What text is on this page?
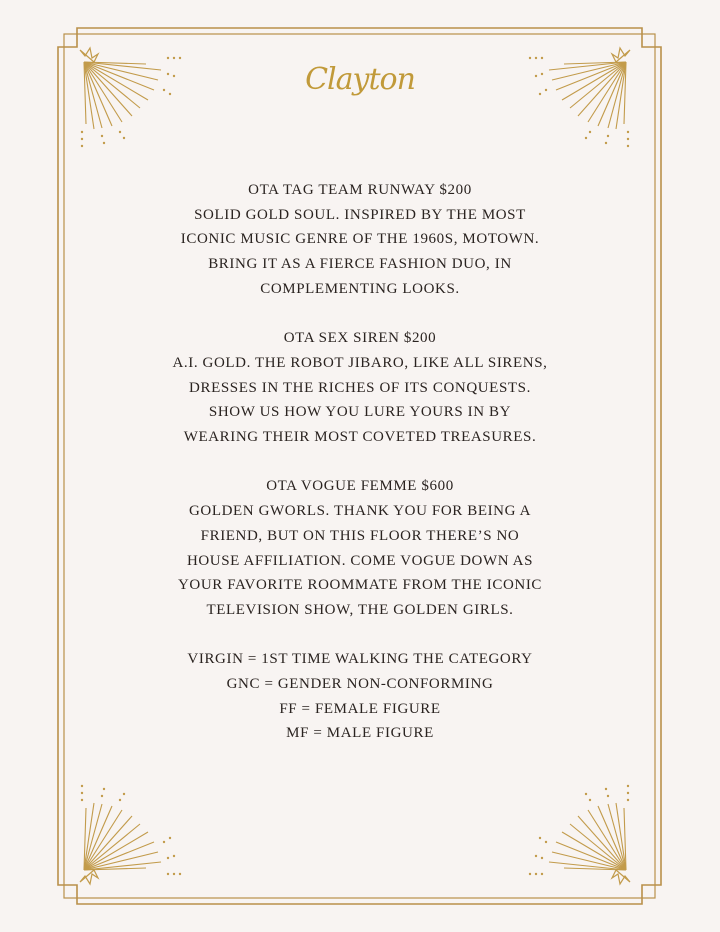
Clayton
OTA TAG TEAM RUNWAY $200
SOLID GOLD SOUL. INSPIRED BY THE MOST
ICONIC MUSIC GENRE OF THE 1960S, MOTOWN.
BRING IT AS A FIERCE FASHION DUO, IN
COMPLEMENTING LOOKS.
OTA SEX SIREN $200
A.I. GOLD. THE ROBOT JIBARO, LIKE ALL SIRENS,
DRESSES IN THE RICHES OF ITS CONQUESTS.
SHOW US HOW YOU LURE YOURS IN BY
WEARING THEIR MOST COVETED TREASURES.
OTA VOGUE FEMME $600
GOLDEN GWORLS. THANK YOU FOR BEING A
FRIEND, BUT ON THIS FLOOR THERE’S NO
HOUSE AFFILIATION. COME VOGUE DOWN AS
YOUR FAVORITE ROOMMATE FROM THE ICONIC
TELEVISION SHOW, THE GOLDEN GIRLS.
VIRGIN = 1ST TIME WALKING THE CATEGORY
GNC = GENDER NON-CONFORMING
FF = FEMALE FIGURE
MF = MALE FIGURE
